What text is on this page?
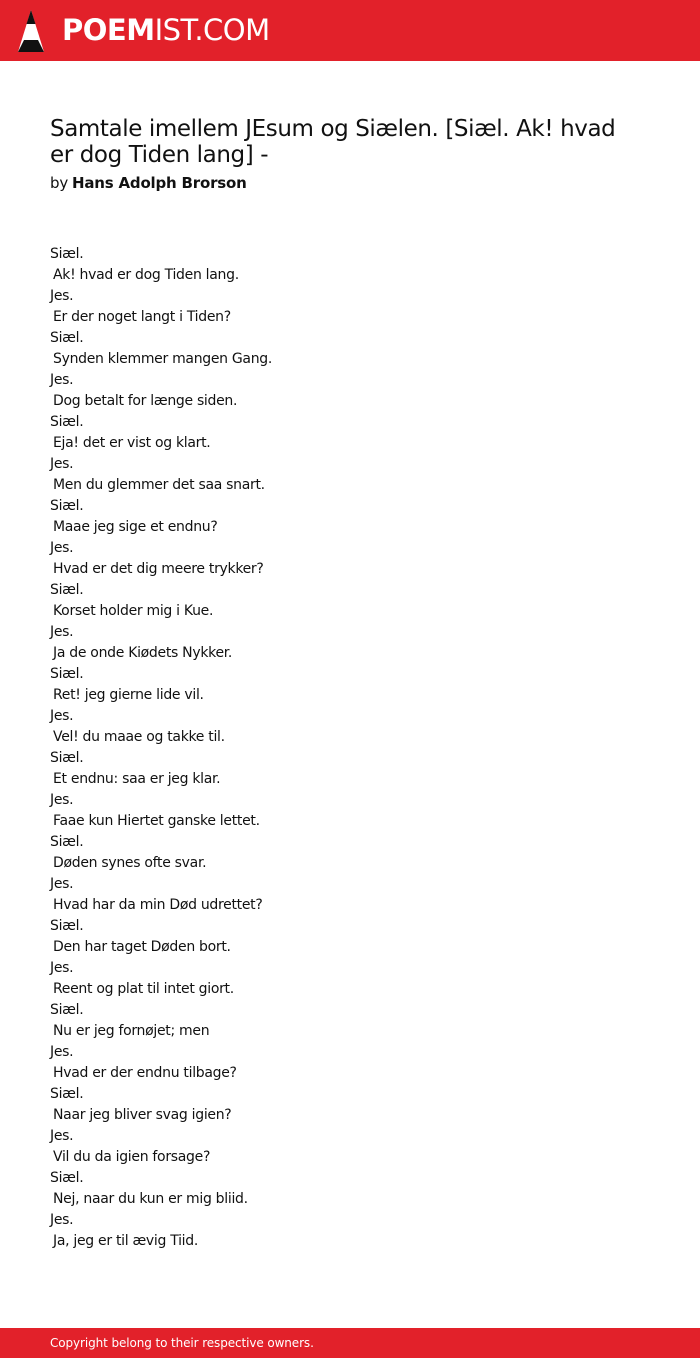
POEMIST.COM
Samtale imellem JEsum og Siælen. [Siæl. Ak! hvad er dog Tiden lang] -
by Hans Adolph Brorson
Siæl.
Ak! hvad er dog Tiden lang.
Jes.
Er der noget langt i Tiden?
Siæl.
Synden klemmer mangen Gang.
Jes.
Dog betalt for længe siden.
Siæl.
Eja! det er vist og klart.
Jes.
Men du glemmer det saa snart.
Siæl.
Maae jeg sige et endnu?
Jes.
Hvad er det dig meere trykker?
Siæl.
Korset holder mig i Kue.
Jes.
Ja de onde Kiødets Nykker.
Siæl.
Ret! jeg gierne lide vil.
Jes.
Vel! du maae og takke til.
Siæl.
Et endnu: saa er jeg klar.
Jes.
Faae kun Hiertet ganske lettet.
Siæl.
Døden synes ofte svar.
Jes.
Hvad har da min Død udrettet?
Siæl.
Den har taget Døden bort.
Jes.
Reent og plat til intet giort.
Siæl.
Nu er jeg fornøjet; men
Jes.
Hvad er der endnu tilbage?
Siæl.
Naar jeg bliver svag igien?
Jes.
Vil du da igien forsage?
Siæl.
Nej, naar du kun er mig bliid.
Jes.
Ja, jeg er til ævig Tiid.
Copyright belong to their respective owners.
